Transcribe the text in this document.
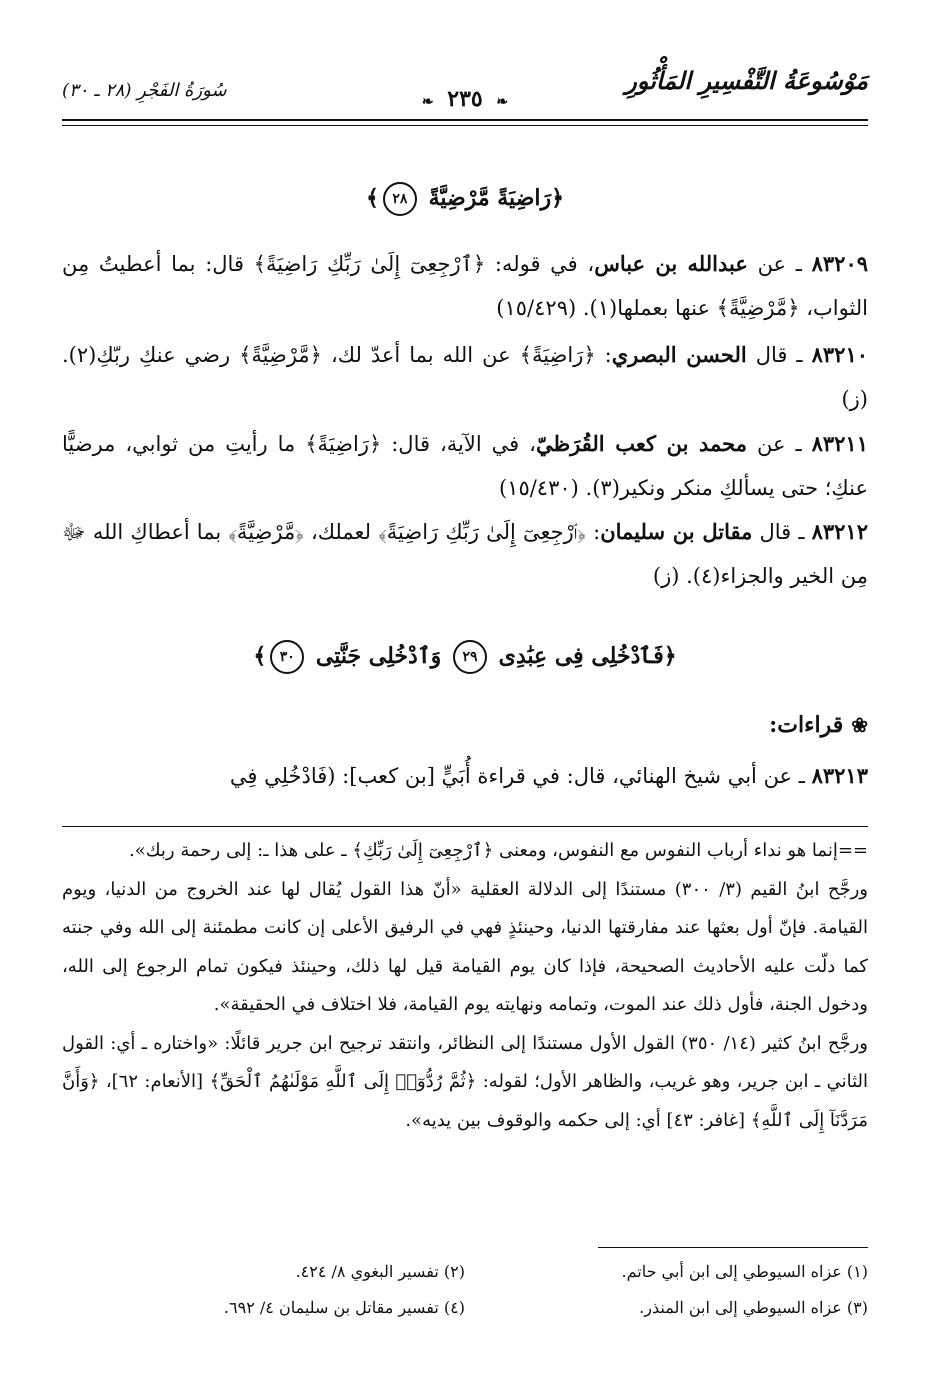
مَوْسُوعَةُ التَّفْسِيرِ المَأْثُورِ
❧ ٢٣٥ ❧
سُورَةُ الفَجْرِ (٢٨ ـ ٣٠)
﴿رَاضِيَةً مَّرْضِيَّةً ٢٨﴾
٨٣٢٠٩ ـ عن عبدالله بن عباس، في قوله: ﴿ٱرْجِعِىٓ إِلَىٰ رَبِّكِ رَاضِيَةً﴾ قال: بما أعطيتُ مِن الثواب، ﴿مَّرْضِيَّةً﴾ عنها بعملها(١). (١٥/٤٢٩)
٨٣٢١٠ ـ قال الحسن البصري: ﴿رَاضِيَةً﴾ عن الله بما أعدّ لك، ﴿مَّرْضِيَّةً﴾ رضي عنكِ ربّكِ(٢). (ز)
٨٣٢١١ ـ عن محمد بن كعب القُرَظيّ، في الآية، قال: ﴿رَاضِيَةً﴾ ما رأيتِ من ثوابي، مرضيًّا عنكِ؛ حتى يسألكِ منكر ونكير(٣). (١٥/٤٣٠)
٨٣٢١٢ ـ قال مقاتل بن سليمان: ﴿ٱرْجِعِىٓ إِلَىٰ رَبِّكِ رَاضِيَةً﴾ لعملك، ﴿مَّرْضِيَّةً﴾ بما أعطاكِ الله ﷻ مِن الخير والجزاء(٤). (ز)
﴿فَٱدْخُلِى فِى عِبَٰدِى ٢٩ وَٱدْخُلِى جَنَّتِى ٣٠﴾
❀قراءات:
٨٣٢١٣ ـ عن أبي شيخ الهنائي، قال: في قراءة أُبَيٍّ [بن كعب]: (فَادْخُلِي فِي

==إنما هو نداء أرباب النفوس مع النفوس، ومعنى ﴿ٱرْجِعِىٓ إِلَىٰ رَبِّكِ﴾ ـ على هذا ـ: إلى رحمة ربك».

ورجَّح ابنُ القيم (٣/ ٣٠٠) مستندًا إلى الدلالة العقلية «أنّ هذا القول يُقال لها عند الخروج من الدنيا، ويوم القيامة. فإنّ أول بعثها عند مفارقتها الدنيا، وحينئذٍ فهي في الرفيق الأعلى إن كانت مطمئنة إلى الله وفي جنته كما دلّت عليه الأحاديث الصحيحة، فإذا كان يوم القيامة قيل لها ذلك، وحينئذ فيكون تمام الرجوع إلى الله، ودخول الجنة، فأول ذلك عند الموت، وتمامه ونهايته يوم القيامة، فلا اختلاف في الحقيقة».

ورجَّح ابنُ كثير (١٤/ ٣٥٠) القول الأول مستندًا إلى النظائر، وانتقد ترجيح ابن جرير قائلًا: «واختاره ـ أي: القول الثاني ـ ابن جرير، وهو غريب، والظاهر الأول؛ لقوله: ﴿ثُمَّ رُدُّوٓا۟ إِلَى ٱللَّهِ مَوْلَىٰهُمُ ٱلْحَقِّ﴾ [الأنعام: ٦٢]، ﴿وَأَنَّ مَرَدَّنَآ إِلَى ٱللَّهِ﴾ [غافر: ٤٣] أي: إلى حكمه والوقوف بين يديه».

(١) عزاه السيوطي إلى ابن أبي حاتم.
(٢) تفسير البغوي ٨/ ٤٢٤.
(٣) عزاه السيوطي إلى ابن المنذر.
(٤) تفسير مقاتل بن سليمان ٤/ ٦٩٢.
